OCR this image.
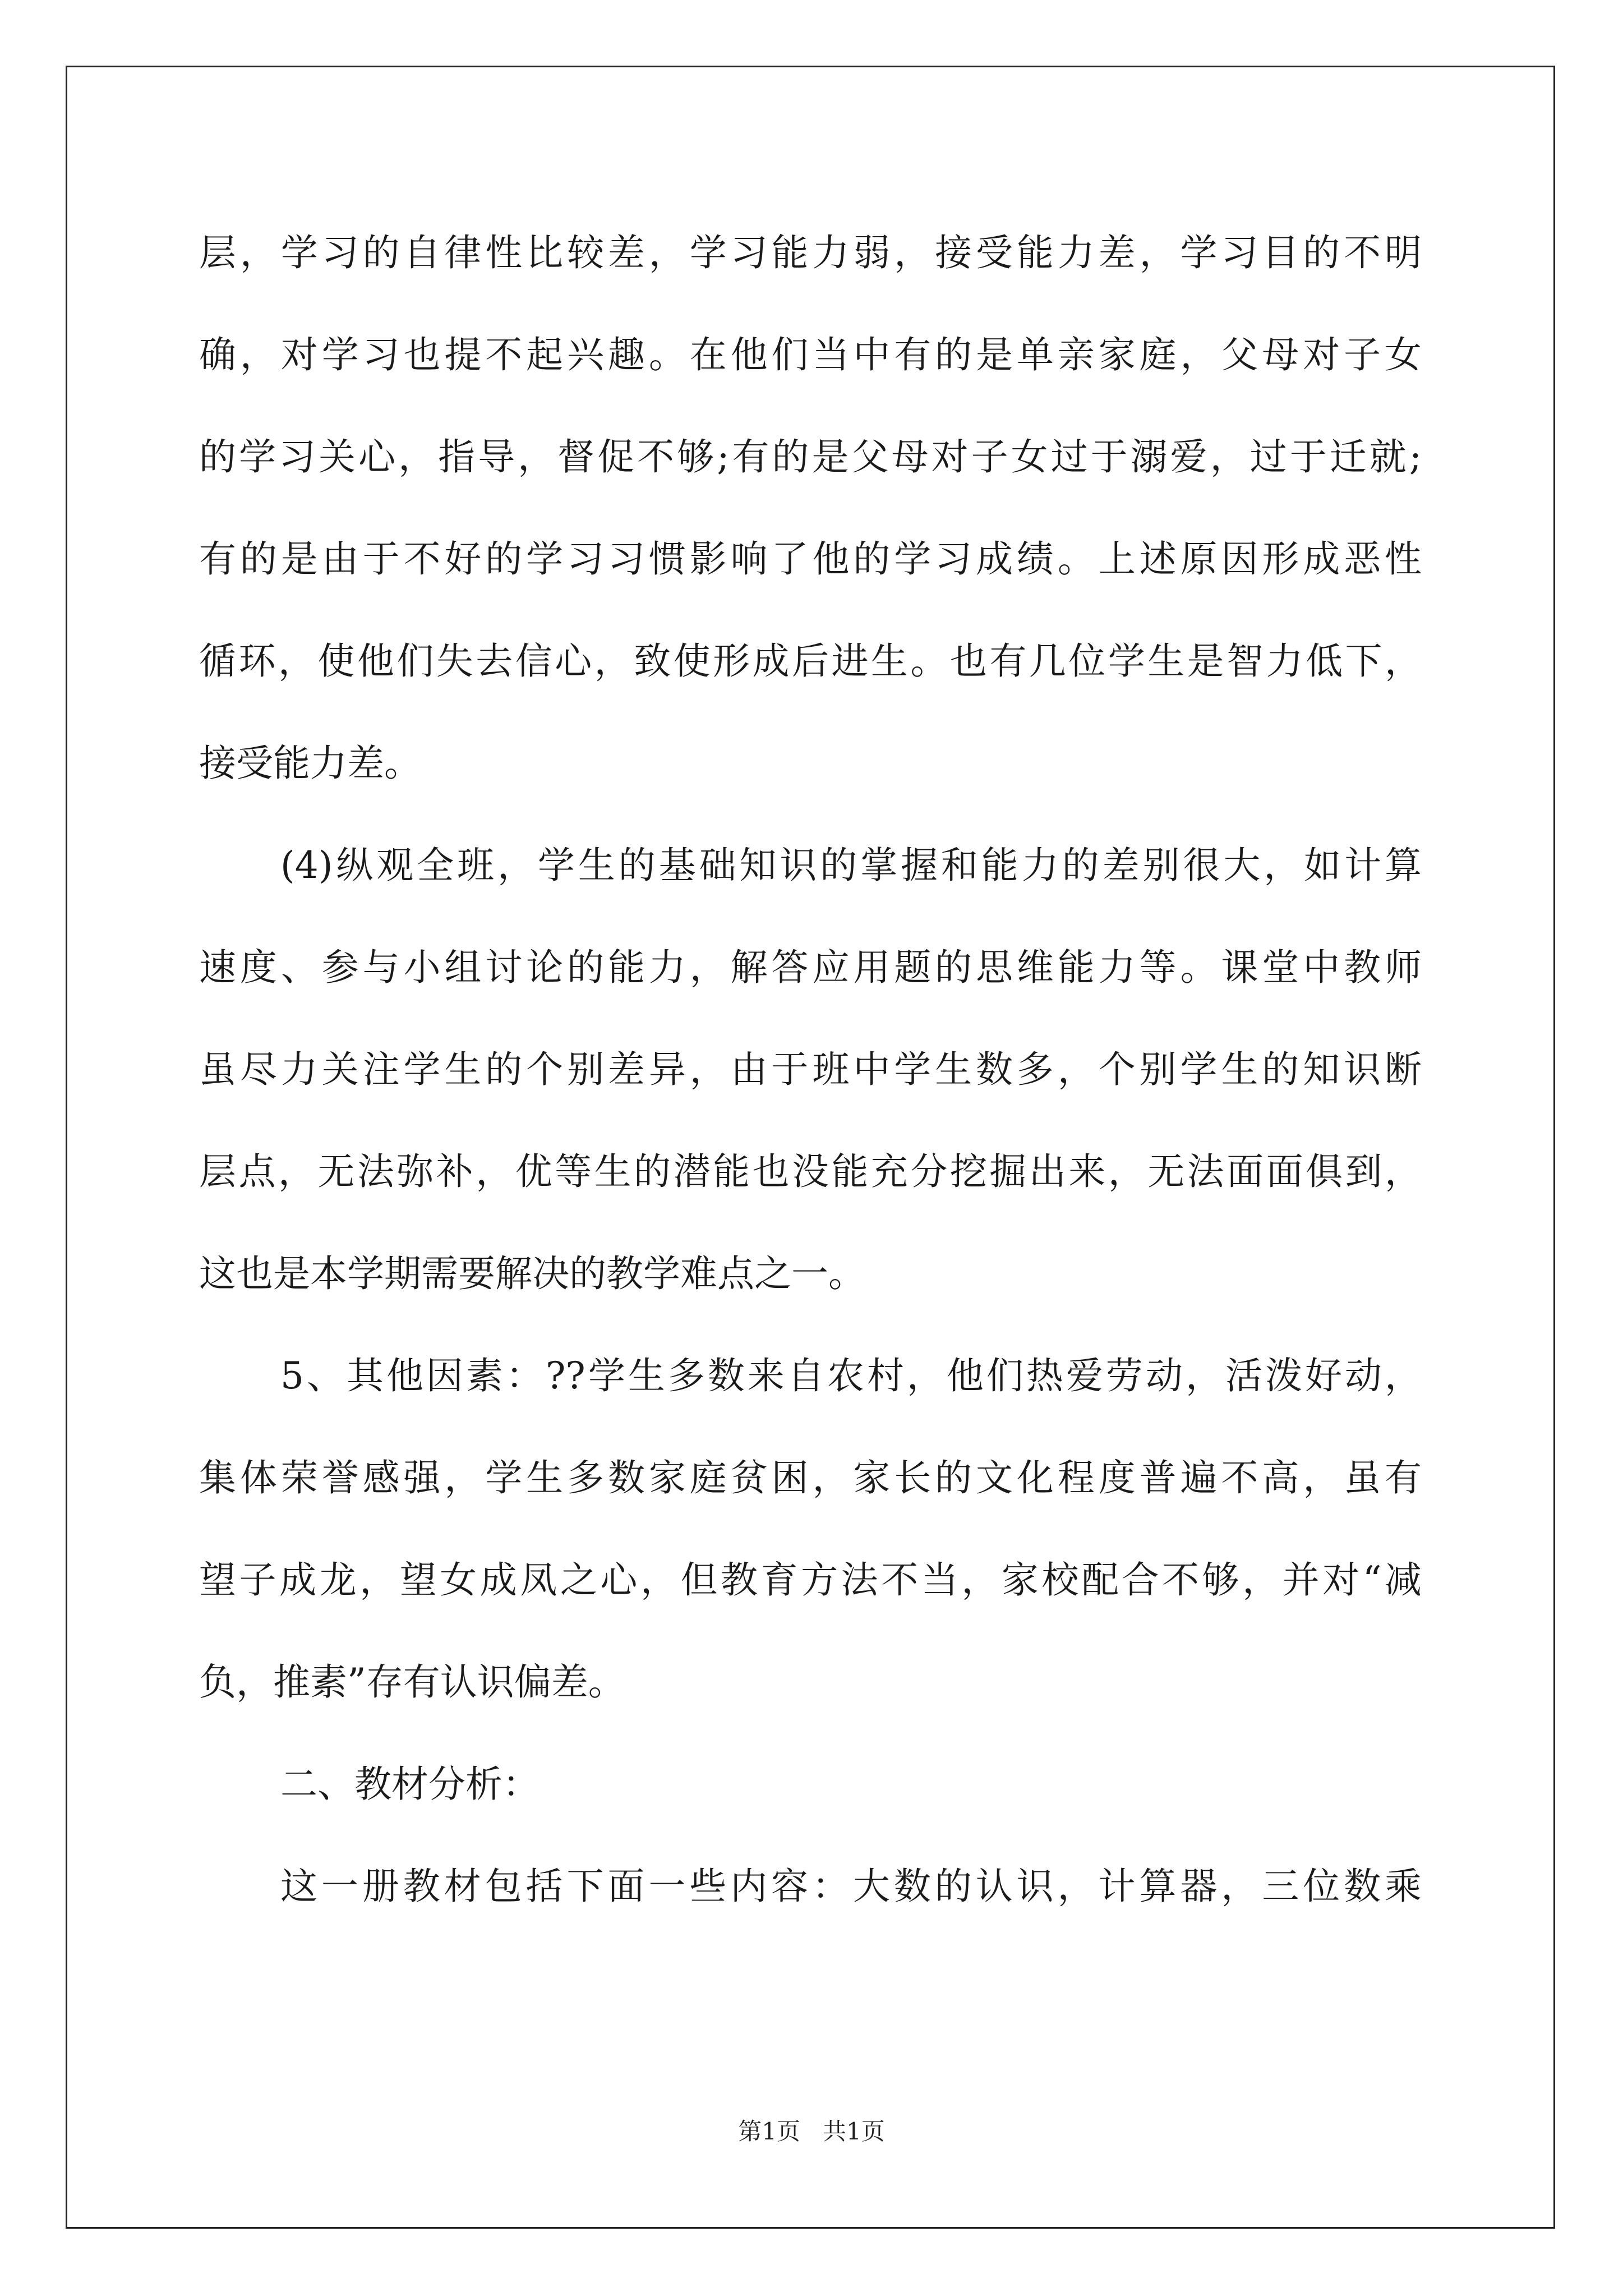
层，学习的自律性比较差，学习能力弱，接受能力差，学习目的不明
确，对学习也提不起兴趣。在他们当中有的是单亲家庭，父母对子女
的学习关心，指导，督促不够;有的是父母对子女过于溺爱，过于迁就;
有的是由于不好的学习习惯影响了他的学习成绩。上述原因形成恶性
循环，使他们失去信心，致使形成后进生。也有几位学生是智力低下，
接受能力差。
(4)纵观全班，学生的基础知识的掌握和能力的差别很大，如计算
速度、参与小组讨论的能力，解答应用题的思维能力等。课堂中教师
虽尽力关注学生的个别差异，由于班中学生数多，个别学生的知识断
层点，无法弥补，优等生的潜能也没能充分挖掘出来，无法面面俱到，
这也是本学期需要解决的教学难点之一。
5、其他因素：??学生多数来自农村，他们热爱劳动，活泼好动，
集体荣誉感强，学生多数家庭贫困，家长的文化程度普遍不高，虽有
望子成龙，望女成凤之心，但教育方法不当，家校配合不够，并对“减
负，推素”存有认识偏差。
二、教材分析：
这一册教材包括下面一些内容：大数的认识，计算器，三位数乘
第1页   共1页
